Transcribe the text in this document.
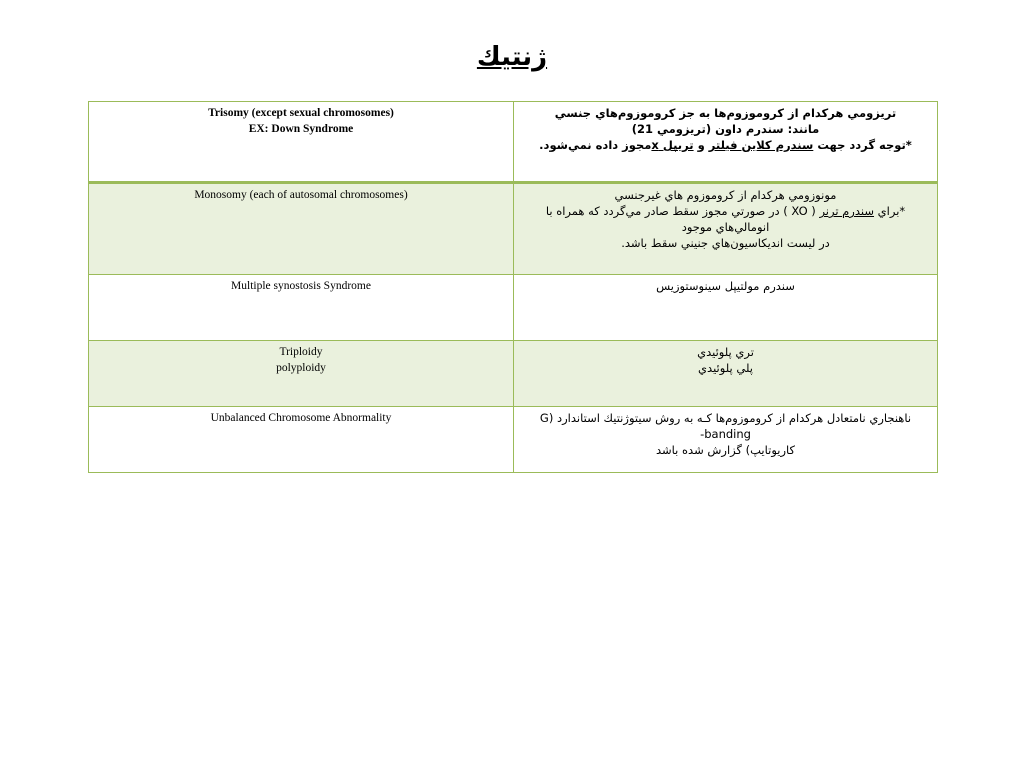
ژنتيك
Trisomy (except sexual chromosomes)
EX: Down Syndrome	تريزومي هركدام از كروموزوم‌ها به جز كروموزوم‌هاي جنسي
مانند: سندرم داون (تريزومي 21)
*توجه گردد جهت سندرم كلاين فيلتر و تريپل xمجوز داده نمي‌شود.

Monosomy (each of autosomal chromosomes)	مونوزومي هركدام از كروموزوم هاي غيرجنسي
*براي سندرم ترنر ( XO ) در صورتي مجوز سقط صادر مي‌گردد كه همراه با انومالي‌هاي موجود
در ليست انديكاسيون‌هاي جنيني سقط باشد.

Multiple synostosis Syndrome	سندرم مولتيپل سينوستوزيس

Triploidy
polyploidy	تري پلوئيدي
پلي پلوئيدي

Unbalanced Chromosome Abnormality	ناهنجاري نامتعادل هركدام از كروموزوم‌ها كـه به روش سيتوژنتيك استاندارد (G banding-
كاريوتايپ) گزارش شده باشد
